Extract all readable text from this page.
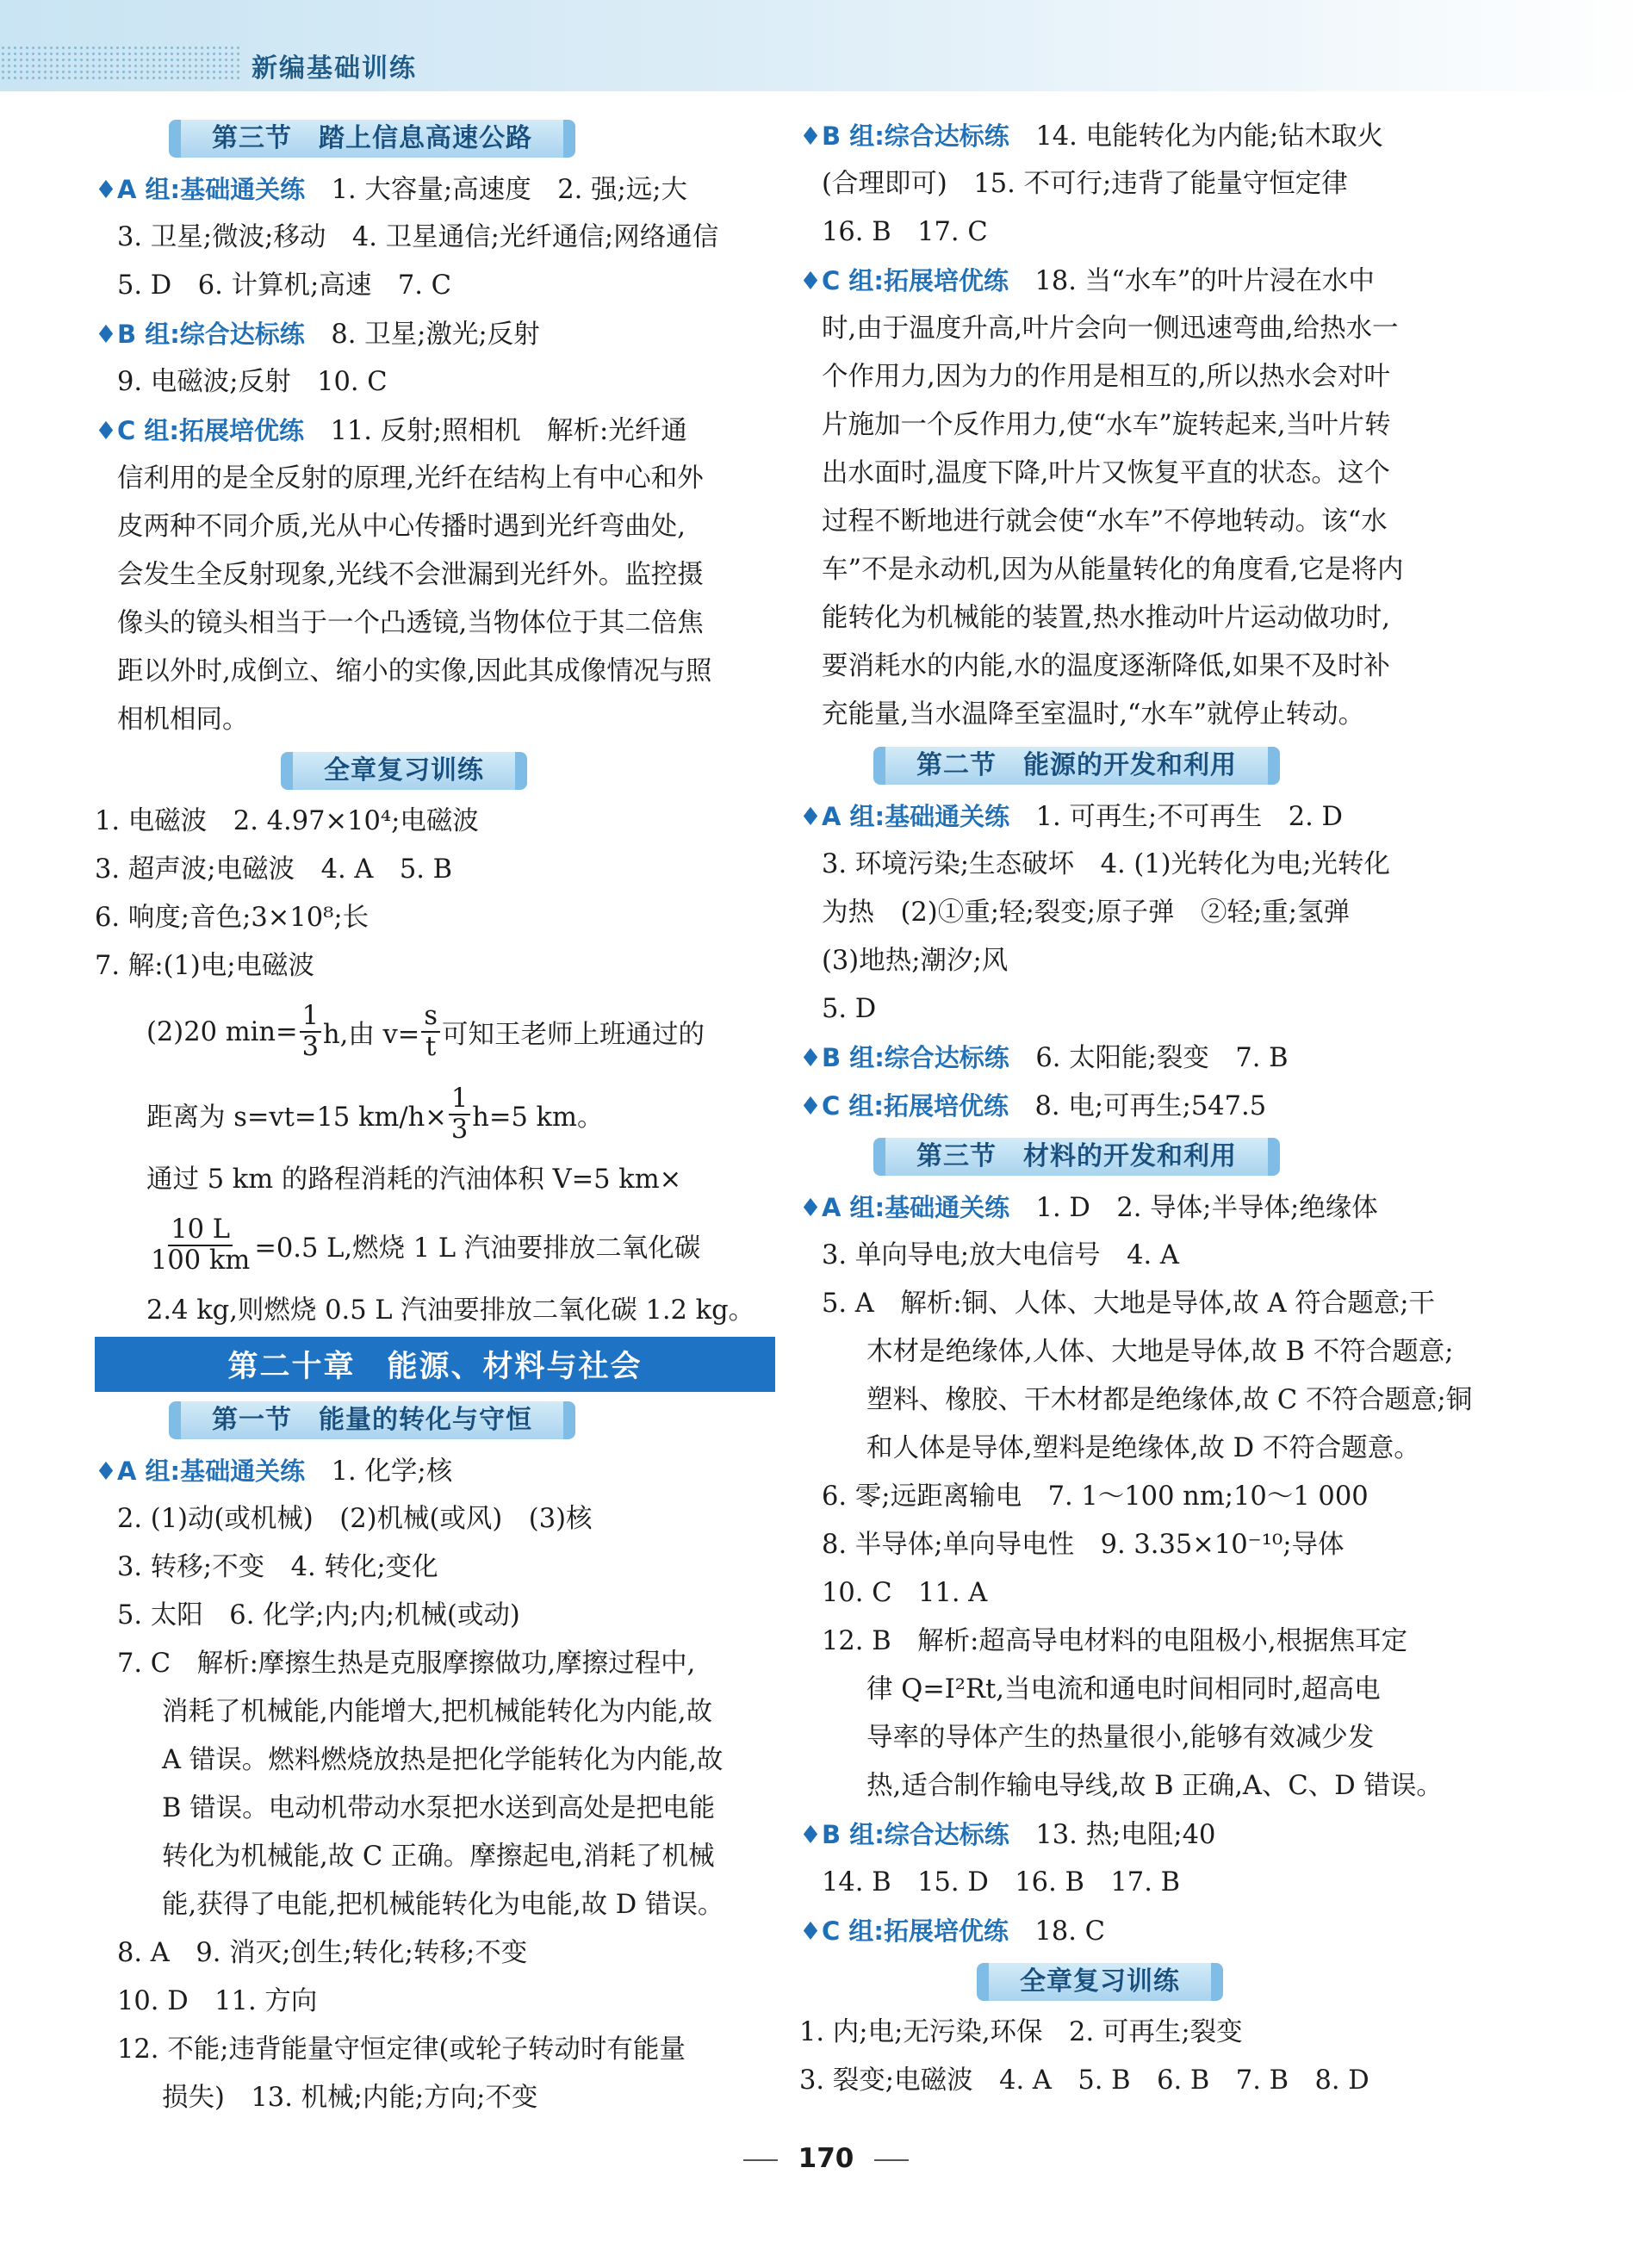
新编基础训练
第三节　踏上信息高速公路
♦A 组:基础通关练　 1. 大容量;高速度　2. 强;远;大
3. 卫星;微波;移动　4. 卫星通信;光纤通信;网络通信
5. D　6. 计算机;高速　7. C
♦B 组:综合达标练　 8. 卫星;激光;反射
9. 电磁波;反射　10. C
♦C 组:拓展培优练　 11. 反射;照相机　解析:光纤通
信利用的是全反射的原理,光纤在结构上有中心和外
皮两种不同介质,光从中心传播时遇到光纤弯曲处,
会发生全反射现象,光线不会泄漏到光纤外。监控摄
像头的镜头相当于一个凸透镜,当物体位于其二倍焦
距以外时,成倒立、缩小的实像,因此其成像情况与照
相机相同。
全章复习训练
1. 电磁波　2. 4.97×10⁴;电磁波
3. 超声波;电磁波　4. A　5. B
6. 响度;音色;3×10⁸;长
7. 解:(1)电;电磁波
(2)20 $\min= \frac{1}{3} h$,由 $v= \frac{s}{t}$ 可知王老师上班通过的
距离为 s=vt=15 $km/h\times \frac{1}{3} h=5$ km。
通过 5 km 的路程消耗的汽油体积 V=5 km×
$\frac{10 L}{100 km} =0.5$ L,燃烧 1 L 汽油要排放二氧化碳
2.4 kg,则燃烧 0.5 L 汽油要排放二氧化碳 1.2 kg。
第二十章　能源、材料与社会
第一节　能量的转化与守恒
♦A 组:基础通关练　 1. 化学;核
2. (1)动(或机械)　(2)机械(或风)　(3)核
3. 转移;不变　4. 转化;变化
5. 太阳　6. 化学;内;内;机械(或动)
7. C　解析:摩擦生热是克服摩擦做功,摩擦过程中,
消耗了机械能,内能增大,把机械能转化为内能,故
A 错误。燃料燃烧放热是把化学能转化为内能,故
B 错误。电动机带动水泵把水送到高处是把电能
转化为机械能,故 C 正确。摩擦起电,消耗了机械
能,获得了电能,把机械能转化为电能,故 D 错误。
8. A　9. 消灭;创生;转化;转移;不变
10. D　11. 方向
12. 不能;违背能量守恒定律(或轮子转动时有能量
损失)　13. 机械;内能;方向;不变
♦B 组:综合达标练　 14. 电能转化为内能;钻木取火
(合理即可)　15. 不可行;违背了能量守恒定律
16. B　17. C
♦C 组:拓展培优练　 18. 当“水车”的叶片浸在水中
时,由于温度升高,叶片会向一侧迅速弯曲,给热水一
个作用力,因为力的作用是相互的,所以热水会对叶
片施加一个反作用力,使“水车”旋转起来,当叶片转
出水面时,温度下降,叶片又恢复平直的状态。这个
过程不断地进行就会使“水车”不停地转动。该“水
车”不是永动机,因为从能量转化的角度看,它是将内
能转化为机械能的装置,热水推动叶片运动做功时,
要消耗水的内能,水的温度逐渐降低,如果不及时补
充能量,当水温降至室温时,“水车”就停止转动。
第二节　能源的开发和利用
♦A 组:基础通关练　 1. 可再生;不可再生　2. D
3. 环境污染;生态破坏　4. (1)光转化为电;光转化
为热　(2)①重;轻;裂变;原子弹　②轻;重;氢弹
(3)地热;潮汐;风
5. D
♦B 组:综合达标练　 6. 太阳能;裂变　7. B
♦C 组:拓展培优练　 8. 电;可再生;547.5
第三节　材料的开发和利用
♦A 组:基础通关练　 1. D　2. 导体;半导体;绝缘体
3. 单向导电;放大电信号　4. A
5. A　解析:铜、人体、大地是导体,故 A 符合题意;干
木材是绝缘体,人体、大地是导体,故 B 不符合题意;
塑料、橡胶、干木材都是绝缘体,故 C 不符合题意;铜
和人体是导体,塑料是绝缘体,故 D 不符合题意。
6. 零;远距离输电　7. 1～100 nm;10～1 000
8. 半导体;单向导电性　9. 3.35×10⁻¹⁰;导体
10. C　11. A
12. B　解析:超高导电材料的电阻极小,根据焦耳定
律 Q=I²Rt,当电流和通电时间相同时,超高电
导率的导体产生的热量很小,能够有效减少发
热,适合制作输电导线,故 B 正确,A、C、D 错误。
♦B 组:综合达标练　 13. 热;电阻;40
14. B　15. D　16. B　17. B
♦C 组:拓展培优练　 18. C
全章复习训练
1. 内;电;无污染,环保　2. 可再生;裂变
3. 裂变;电磁波　4. A　5. B　6. B　7. B　8. D
170
